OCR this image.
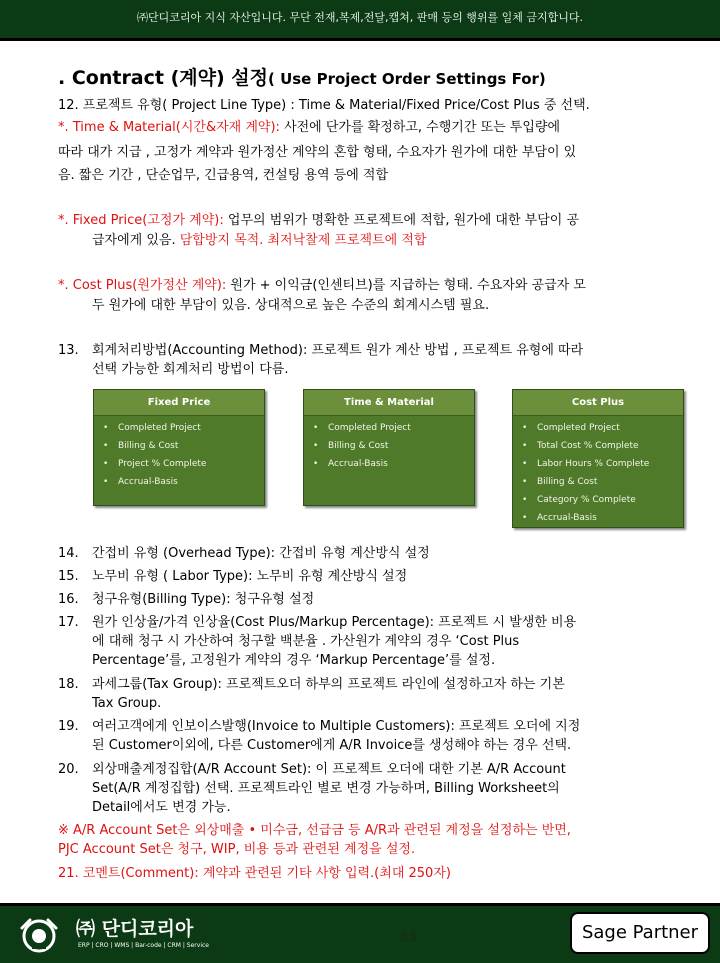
㈜단디코리아 지식 자산입니다. 무단 전재,복제,전달,캡쳐, 판매 등의 행위를 일체 금지합니다.
. Contract (계약) 설정( Use Project Order Settings For)
12. 프로젝트 유형( Project Line Type) : Time & Material/Fixed Price/Cost Plus 중 선택.
*. Time & Material(시간&자재 계약): 사전에 단가를 확정하고, 수행기간 또는 투입량에
따라 대가 지급 , 고정가 계약과 원가정산 계약의 혼합 형태, 수요자가 원가에 대한 부담이 있
음. 짧은 기간 , 단순업무, 긴급용역, 컨설팅 용역 등에 적합
*. Fixed Price(고정가 계약): 업무의 범위가 명확한 프로젝트에 적합, 원가에 대한 부담이 공
급자에게 있음. 담합방지 목적. 최저낙찰제 프로젝트에 적합
*. Cost Plus(원가정산 계약): 원가 + 이익금(인센티브)를 지급하는 형태. 수요자와 공급자 모
두 원가에 대한 부담이 있음. 상대적으로 높은 수준의 회계시스템 필요.
13. 회계처리방법(Accounting Method): 프로젝트 원가 계산 방법 , 프로젝트 유형에 따라
선택 가능한 회계처리 방법이 다름.
Fixed Price
• Completed Project
• Billing & Cost
• Project % Complete
• Accrual-Basis
Time & Material
• Completed Project
• Billing & Cost
• Accrual-Basis
Cost Plus
• Completed Project
• Total Cost % Complete
• Labor Hours % Complete
• Billing & Cost
• Category % Complete
• Accrual-Basis
14. 간접비 유형 (Overhead Type): 간접비 유형 계산방식 설정
15. 노무비 유형 ( Labor Type): 노무비 유형 계산방식 설정
16. 청구유형(Billing Type): 청구유형 설정
17. 원가 인상율/가격 인상율(Cost Plus/Markup Percentage): 프로젝트 시 발생한 비용
에 대해 청구 시 가산하여 청구할 백분율 . 가산원가 계약의 경우 ‘Cost Plus
Percentage’를, 고정원가 계약의 경우 ‘Markup Percentage’를 설정.
18. 과세그룹(Tax Group): 프로젝트오더 하부의 프로젝트 라인에 설정하고자 하는 기본
Tax Group.
19. 여러고객에게 인보이스발행(Invoice to Multiple Customers): 프로젝트 오더에 지정
된 Customer이외에, 다른 Customer에게 A/R Invoice를 생성해야 하는 경우 선택.
20. 외상매출계정집합(A/R Account Set): 이 프로젝트 오더에 대한 기본 A/R Account
Set(A/R 계정집합) 선택. 프로젝트라인 별로 변경 가능하며, Billing Worksheet의
Detail에서도 변경 가능.
※ A/R Account Set은 외상매출 • 미수금, 선급금 등 A/R과 관련된 계정을 설정하는 반면,
PJC Account Set은 청구, WIP, 비용 등과 관련된 계정을 설정.
21. 코멘트(Comment): 계약과 관련된 기타 사항 입력.(최대 250자)
㈜ 단디코리아
ERP | CRO | WMS | Bar-code | CRM | Service
33	Sage Partner
